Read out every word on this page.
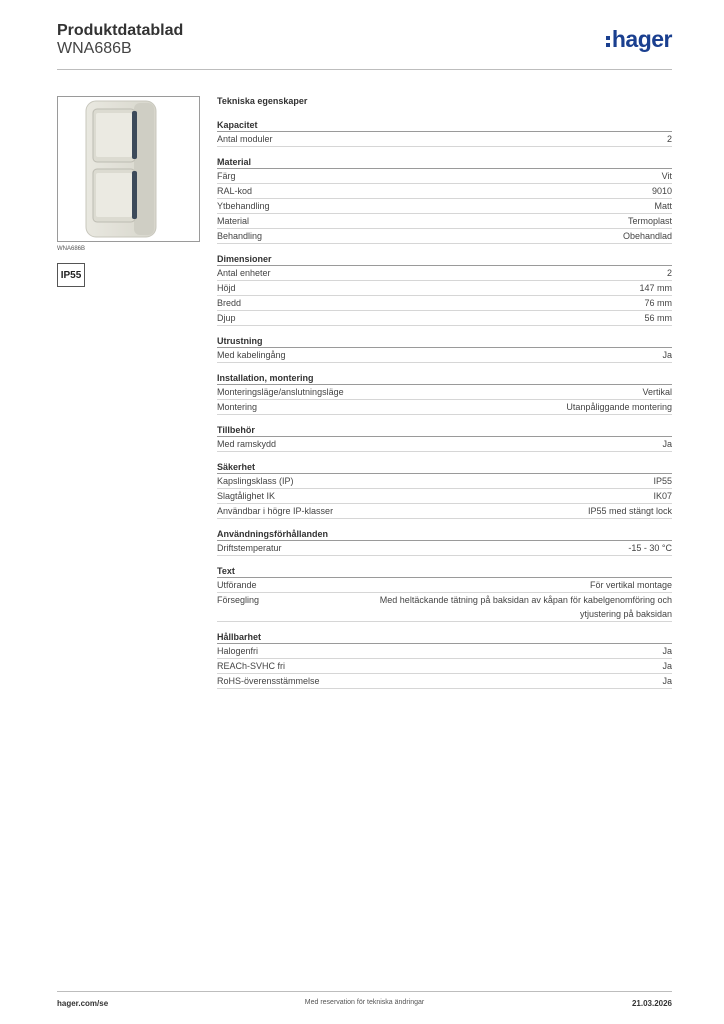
Produktdatablad
WNA686B	hager
WNA686B
IP55
Tekniska egenskaper
Kapacitet
Antal moduler	2
Material
Färg	Vit
RAL-kod	9010
Ytbehandling	Matt
Material	Termoplast
Behandling	Obehandlad
Dimensioner
Antal enheter	2
Höjd	147 mm
Bredd	76 mm
Djup	56 mm
Utrustning
Med kabelingång	Ja
Installation, montering
Monteringsläge/anslutningsläge	Vertikal
Montering	Utanpåliggande montering
Tillbehör
Med ramskydd	Ja
Säkerhet
Kapslingsklass (IP)	IP55
Slagtålighet IK	IK07
Användbar i högre IP-klasser	IP55 med stängt lock
Användningsförhållanden
Driftstemperatur	-15 - 30 °C
Text
Utförande	För vertikal montage
Försegling	Med heltäckande tätning på baksidan av kåpan för kabelgenomföring och ytjustering på baksidan
Hållbarhet
Halogenfri	Ja
REACh-SVHC fri	Ja
RoHS-överensstämmelse	Ja
hager.com/se	Med reservation för tekniska ändringar	21.03.2026
